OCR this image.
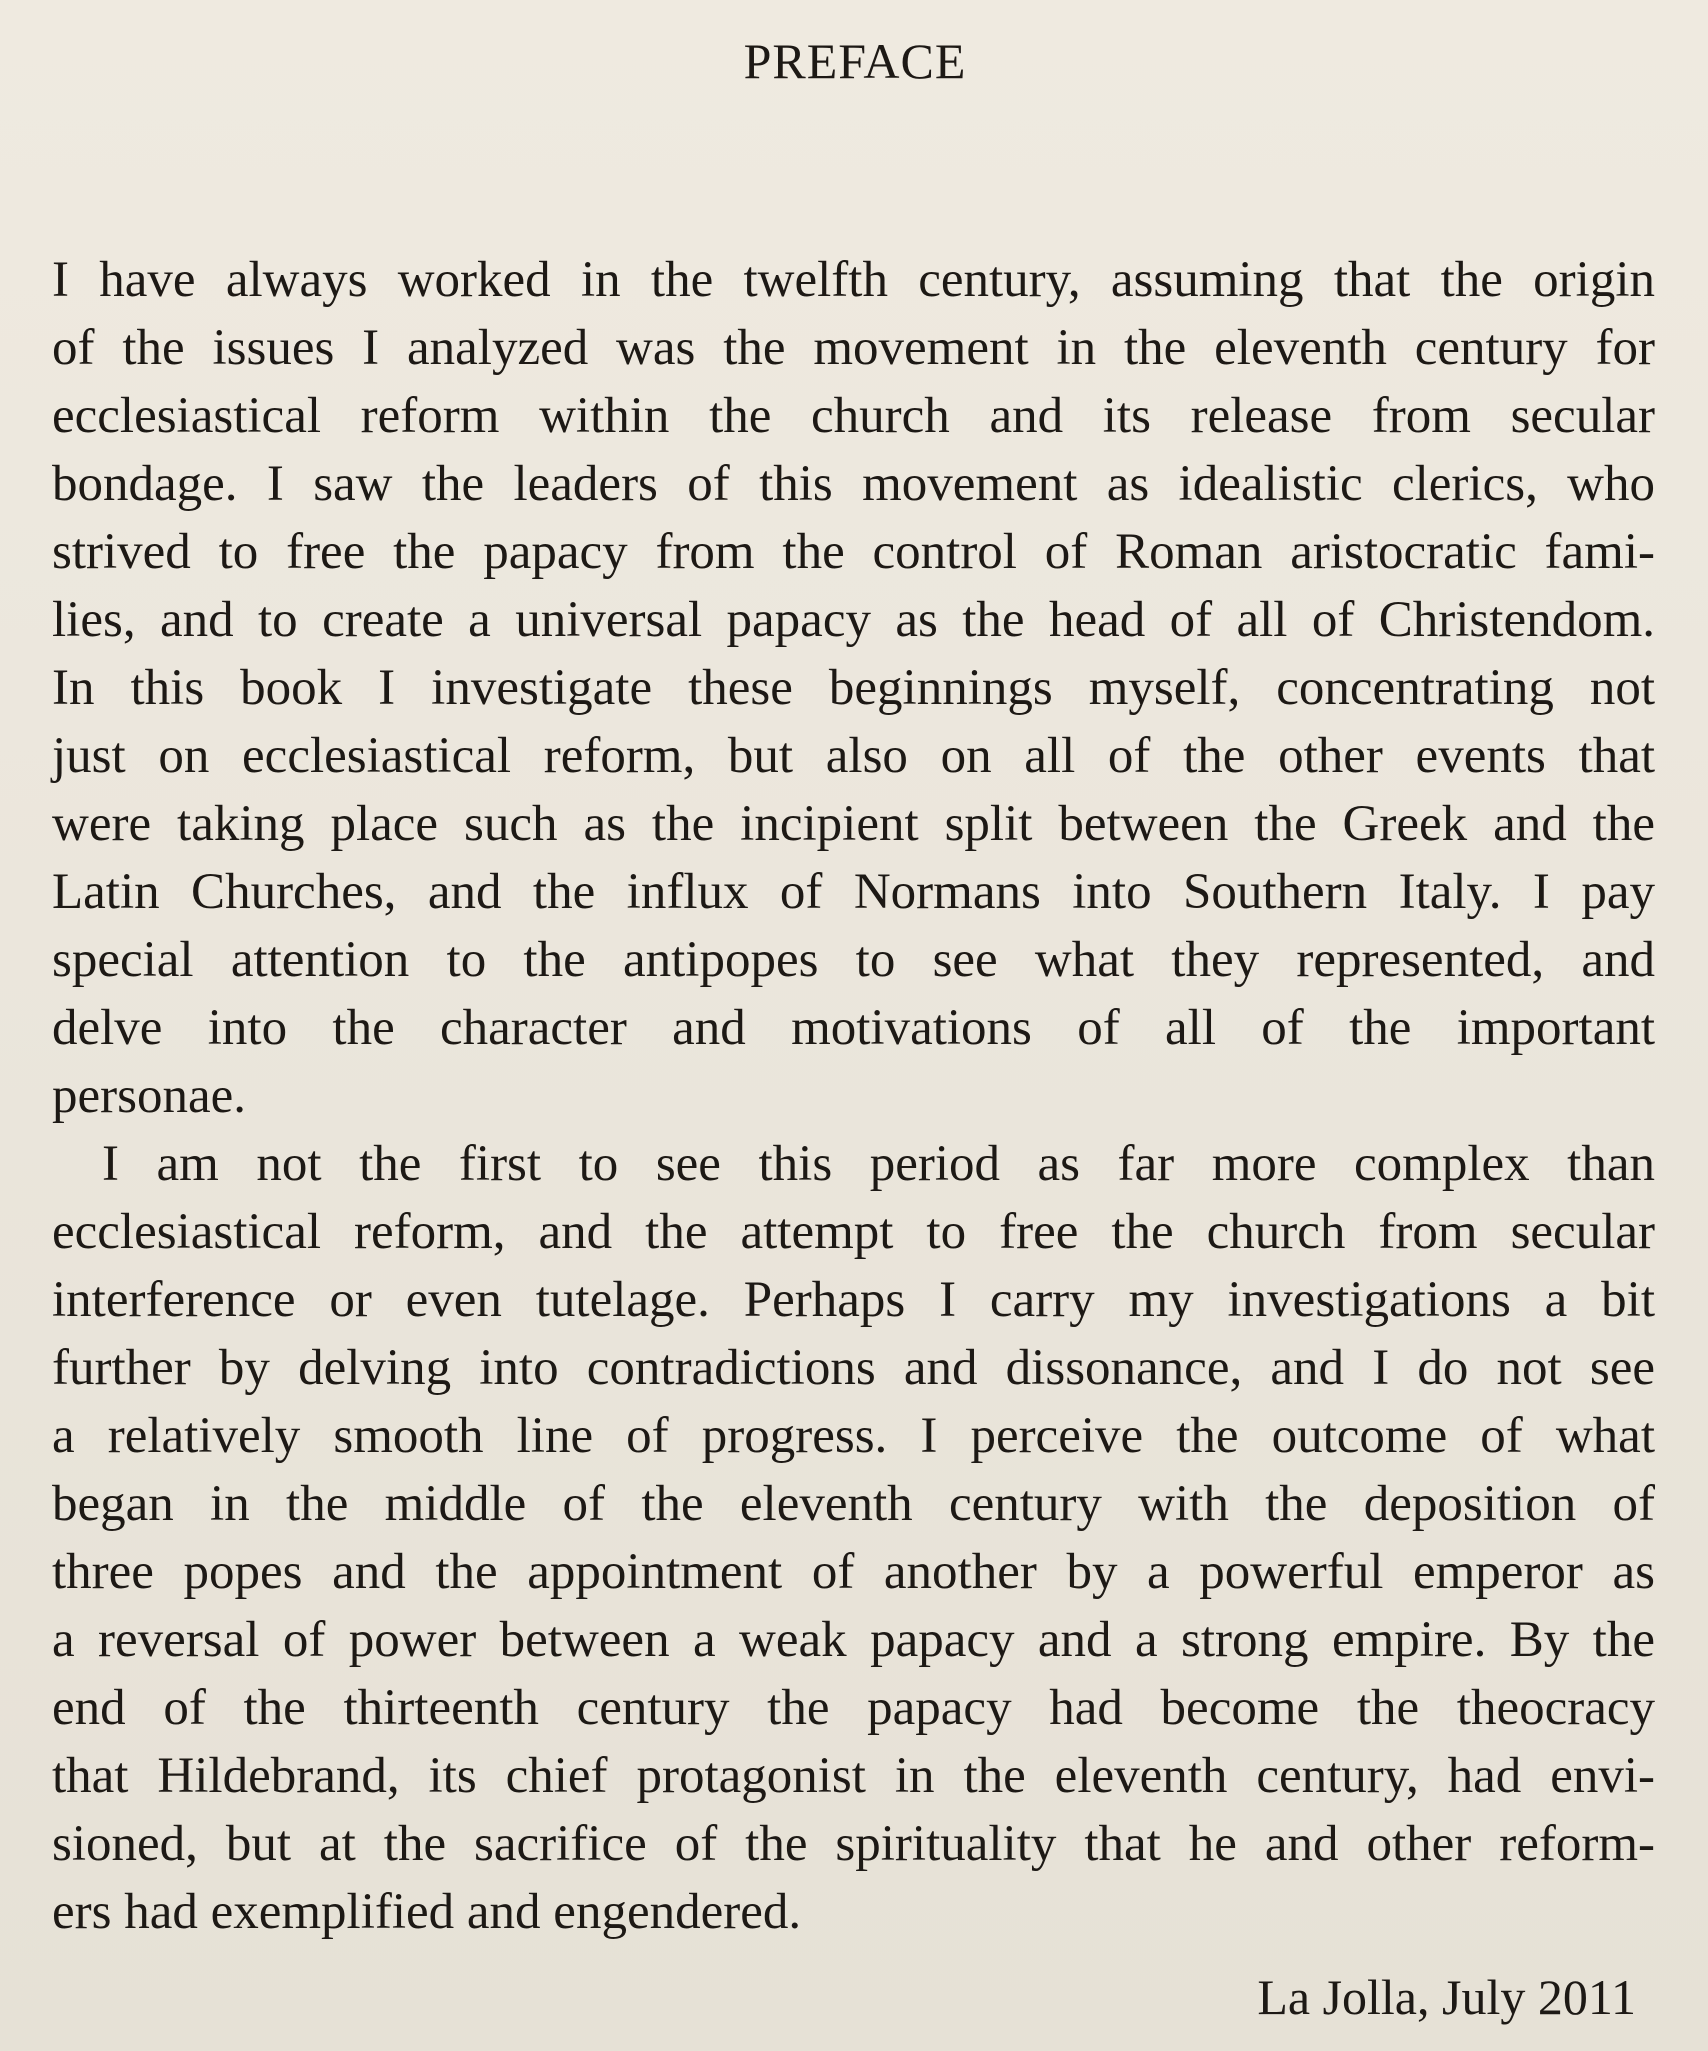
PREFACE
I have always worked in the twelfth century, assuming that the origin
of the issues I analyzed was the movement in the eleventh century for
ecclesiastical reform within the church and its release from secular
bondage. I saw the leaders of this movement as idealistic clerics, who
strived to free the papacy from the control of Roman aristocratic fami-
lies, and to create a universal papacy as the head of all of Christendom.
In this book I investigate these beginnings myself, concentrating not
just on ecclesiastical reform, but also on all of the other events that
were taking place such as the incipient split between the Greek and the
Latin Churches, and the influx of Normans into Southern Italy. I pay
special attention to the antipopes to see what they represented, and
delve into the character and motivations of all of the important
personae.
I am not the first to see this period as far more complex than
ecclesiastical reform, and the attempt to free the church from secular
interference or even tutelage. Perhaps I carry my investigations a bit
further by delving into contradictions and dissonance, and I do not see
a relatively smooth line of progress. I perceive the outcome of what
began in the middle of the eleventh century with the deposition of
three popes and the appointment of another by a powerful emperor as
a reversal of power between a weak papacy and a strong empire. By the
end of the thirteenth century the papacy had become the theocracy
that Hildebrand, its chief protagonist in the eleventh century, had envi-
sioned, but at the sacrifice of the spirituality that he and other reform-
ers had exemplified and engendered.

La Jolla, July 2011
